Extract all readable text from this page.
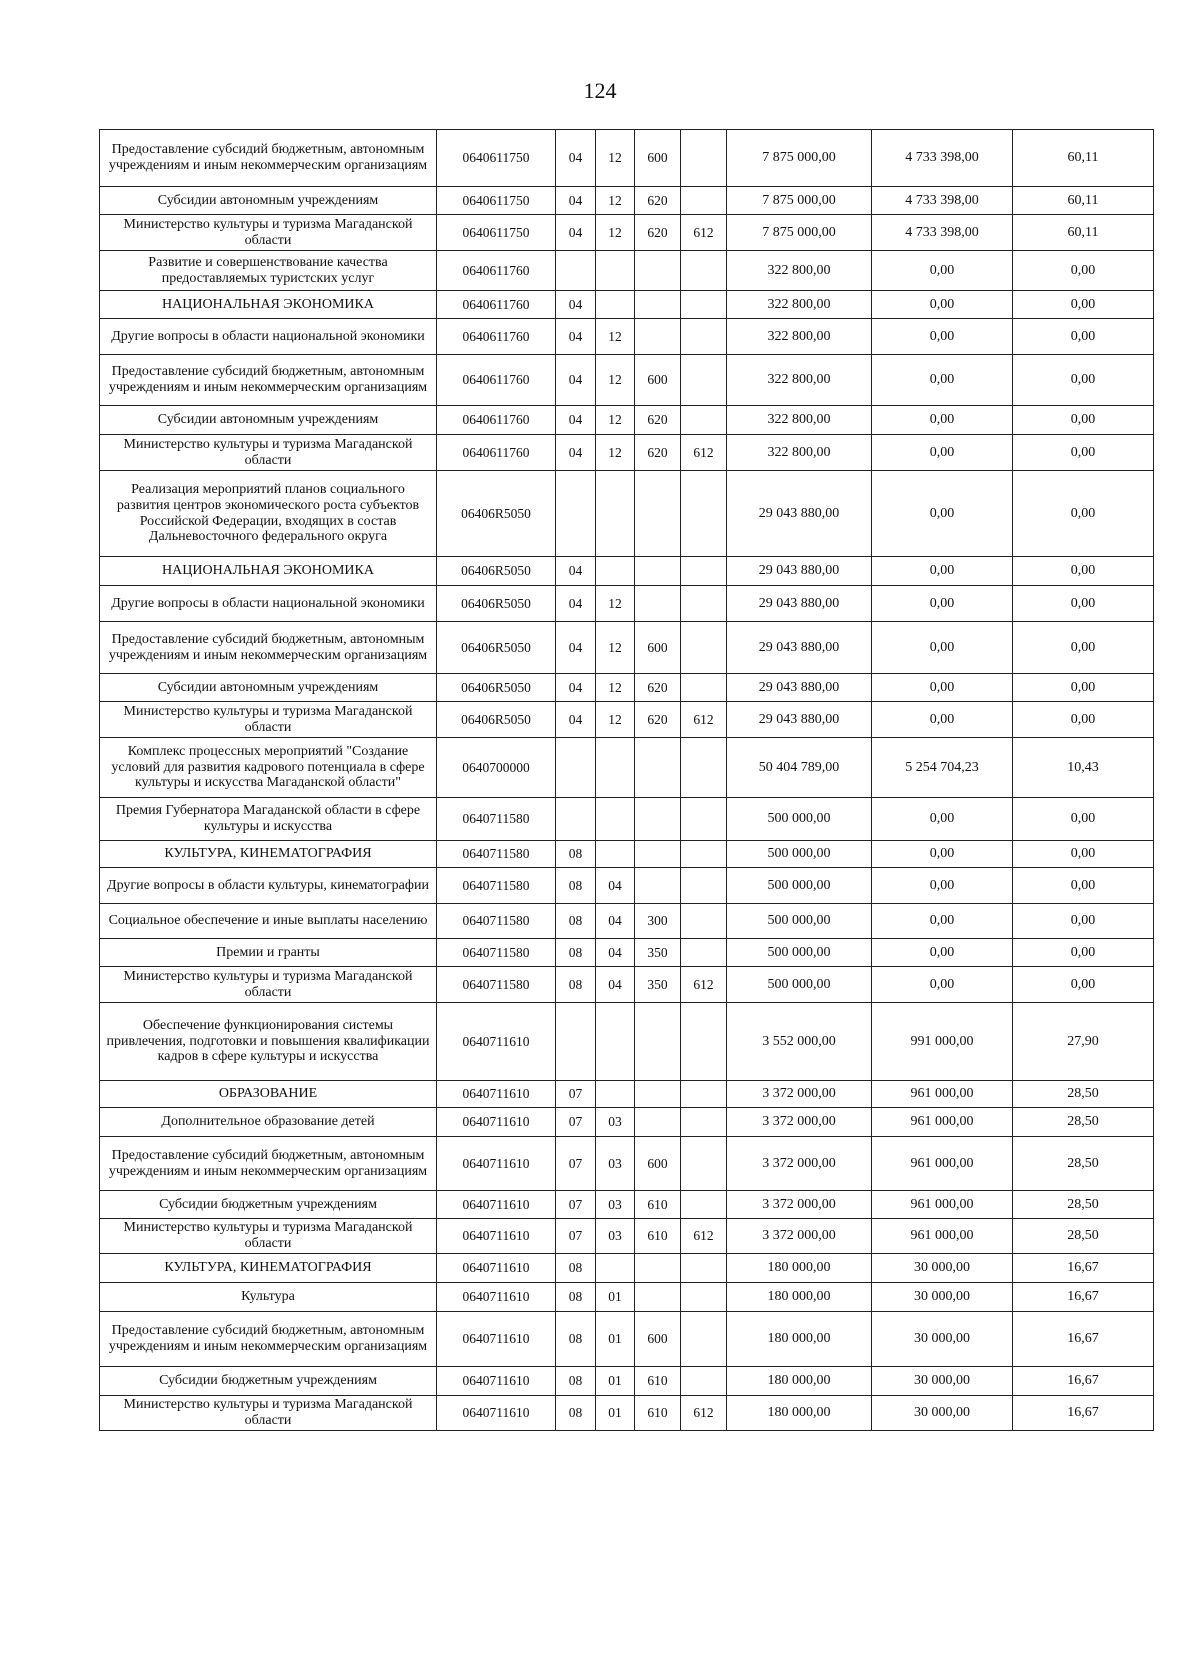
124
Предоставление субсидий бюджетным, автономным учреждениям и иным некоммерческим организациям	0640611750	04	12	600		7 875 000,00	4 733 398,00	60,11
Субсидии автономным учреждениям	0640611750	04	12	620		7 875 000,00	4 733 398,00	60,11
Министерство культуры и туризма Магаданской области	0640611750	04	12	620	612	7 875 000,00	4 733 398,00	60,11
Развитие и совершенствование качества предоставляемых туристских услуг	0640611760					322 800,00	0,00	0,00
НАЦИОНАЛЬНАЯ ЭКОНОМИКА	0640611760	04				322 800,00	0,00	0,00
Другие вопросы в области национальной экономики	0640611760	04	12			322 800,00	0,00	0,00
Предоставление субсидий бюджетным, автономным учреждениям и иным некоммерческим организациям	0640611760	04	12	600		322 800,00	0,00	0,00
Субсидии автономным учреждениям	0640611760	04	12	620		322 800,00	0,00	0,00
Министерство культуры и туризма Магаданской области	0640611760	04	12	620	612	322 800,00	0,00	0,00
Реализация мероприятий планов социального развития центров экономического роста субъектов Российской Федерации, входящих в состав Дальневосточного федерального округа	06406R5050					29 043 880,00	0,00	0,00
НАЦИОНАЛЬНАЯ ЭКОНОМИКА	06406R5050	04				29 043 880,00	0,00	0,00
Другие вопросы в области национальной экономики	06406R5050	04	12			29 043 880,00	0,00	0,00
Предоставление субсидий бюджетным, автономным учреждениям и иным некоммерческим организациям	06406R5050	04	12	600		29 043 880,00	0,00	0,00
Субсидии автономным учреждениям	06406R5050	04	12	620		29 043 880,00	0,00	0,00
Министерство культуры и туризма Магаданской области	06406R5050	04	12	620	612	29 043 880,00	0,00	0,00
Комплекс процессных мероприятий "Создание условий для развития кадрового потенциала в сфере культуры и искусства Магаданской области"	0640700000					50 404 789,00	5 254 704,23	10,43
Премия Губернатора Магаданской области в сфере культуры и искусства	0640711580					500 000,00	0,00	0,00
КУЛЬТУРА, КИНЕМАТОГРАФИЯ	0640711580	08				500 000,00	0,00	0,00
Другие вопросы в области культуры, кинематографии	0640711580	08	04			500 000,00	0,00	0,00
Социальное обеспечение и иные выплаты населению	0640711580	08	04	300		500 000,00	0,00	0,00
Премии и гранты	0640711580	08	04	350		500 000,00	0,00	0,00
Министерство культуры и туризма Магаданской области	0640711580	08	04	350	612	500 000,00	0,00	0,00
Обеспечение функционирования системы привлечения, подготовки и повышения квалификации кадров в сфере культуры и искусства	0640711610					3 552 000,00	991 000,00	27,90
ОБРАЗОВАНИЕ	0640711610	07				3 372 000,00	961 000,00	28,50
Дополнительное образование детей	0640711610	07	03			3 372 000,00	961 000,00	28,50
Предоставление субсидий бюджетным, автономным учреждениям и иным некоммерческим организациям	0640711610	07	03	600		3 372 000,00	961 000,00	28,50
Субсидии бюджетным учреждениям	0640711610	07	03	610		3 372 000,00	961 000,00	28,50
Министерство культуры и туризма Магаданской области	0640711610	07	03	610	612	3 372 000,00	961 000,00	28,50
КУЛЬТУРА, КИНЕМАТОГРАФИЯ	0640711610	08				180 000,00	30 000,00	16,67
Культура	0640711610	08	01			180 000,00	30 000,00	16,67
Предоставление субсидий бюджетным, автономным учреждениям и иным некоммерческим организациям	0640711610	08	01	600		180 000,00	30 000,00	16,67
Субсидии бюджетным учреждениям	0640711610	08	01	610		180 000,00	30 000,00	16,67
Министерство культуры и туризма Магаданской области	0640711610	08	01	610	612	180 000,00	30 000,00	16,67
